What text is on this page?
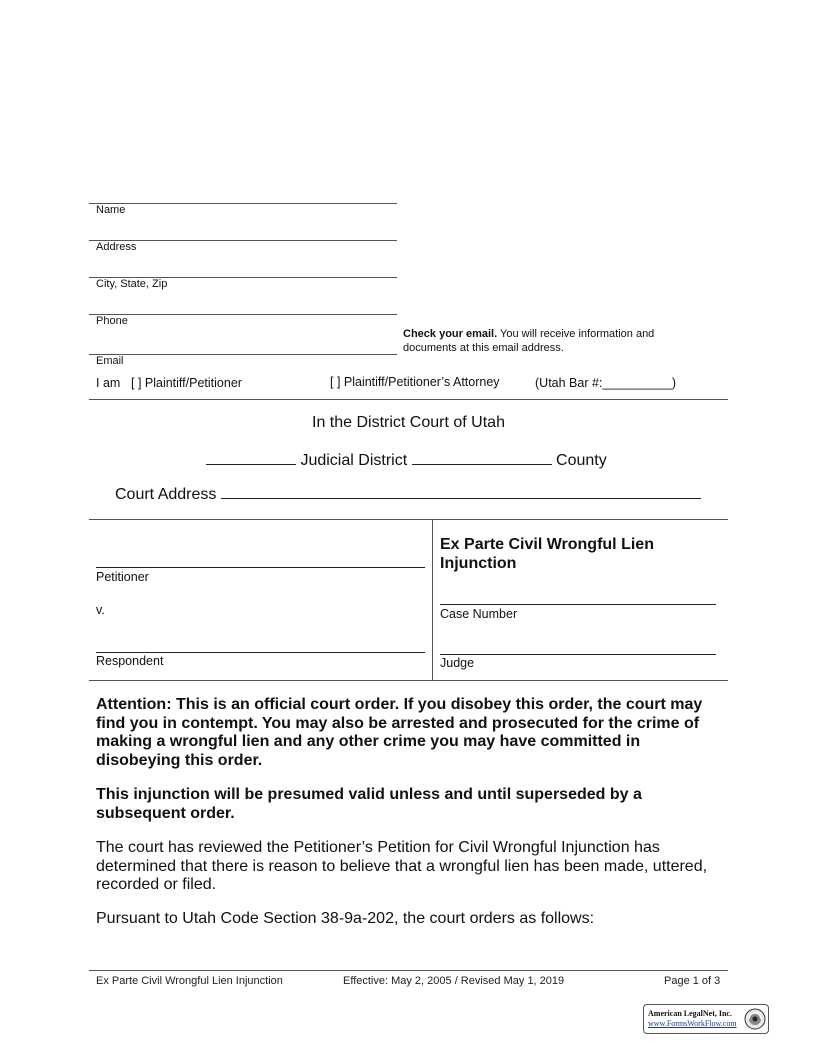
Name
Address
City, State, Zip
Phone
Check your email. You will receive information and
documents at this email address.
Email
I am [ ] Plaintiff/Petitioner	[ ] Plaintiff/Petitioner’s Attorney	(Utah Bar #:__________)
In the District Court of Utah
Judicial District	County
Court Address
Petitioner
v.
Respondent
Ex Parte Civil Wrongful Lien
Injunction
Case Number
Judge
Attention: This is an official court order. If you disobey this order, the court may
find you in contempt. You may also be arrested and prosecuted for the crime of
making a wrongful lien and any other crime you may have committed in
disobeying this order.
This injunction will be presumed valid unless and until superseded by a
subsequent order.
The court has reviewed the Petitioner’s Petition for Civil Wrongful Injunction has
determined that there is reason to believe that a wrongful lien has been made, uttered,
recorded or filed.
Pursuant to Utah Code Section 38-9a-202, the court orders as follows:
Ex Parte Civil Wrongful Lien Injunction	Effective: May 2, 2005 / Revised May 1, 2019	Page 1 of 3
American LegalNet, Inc.
www.FormsWorkFlow.com
